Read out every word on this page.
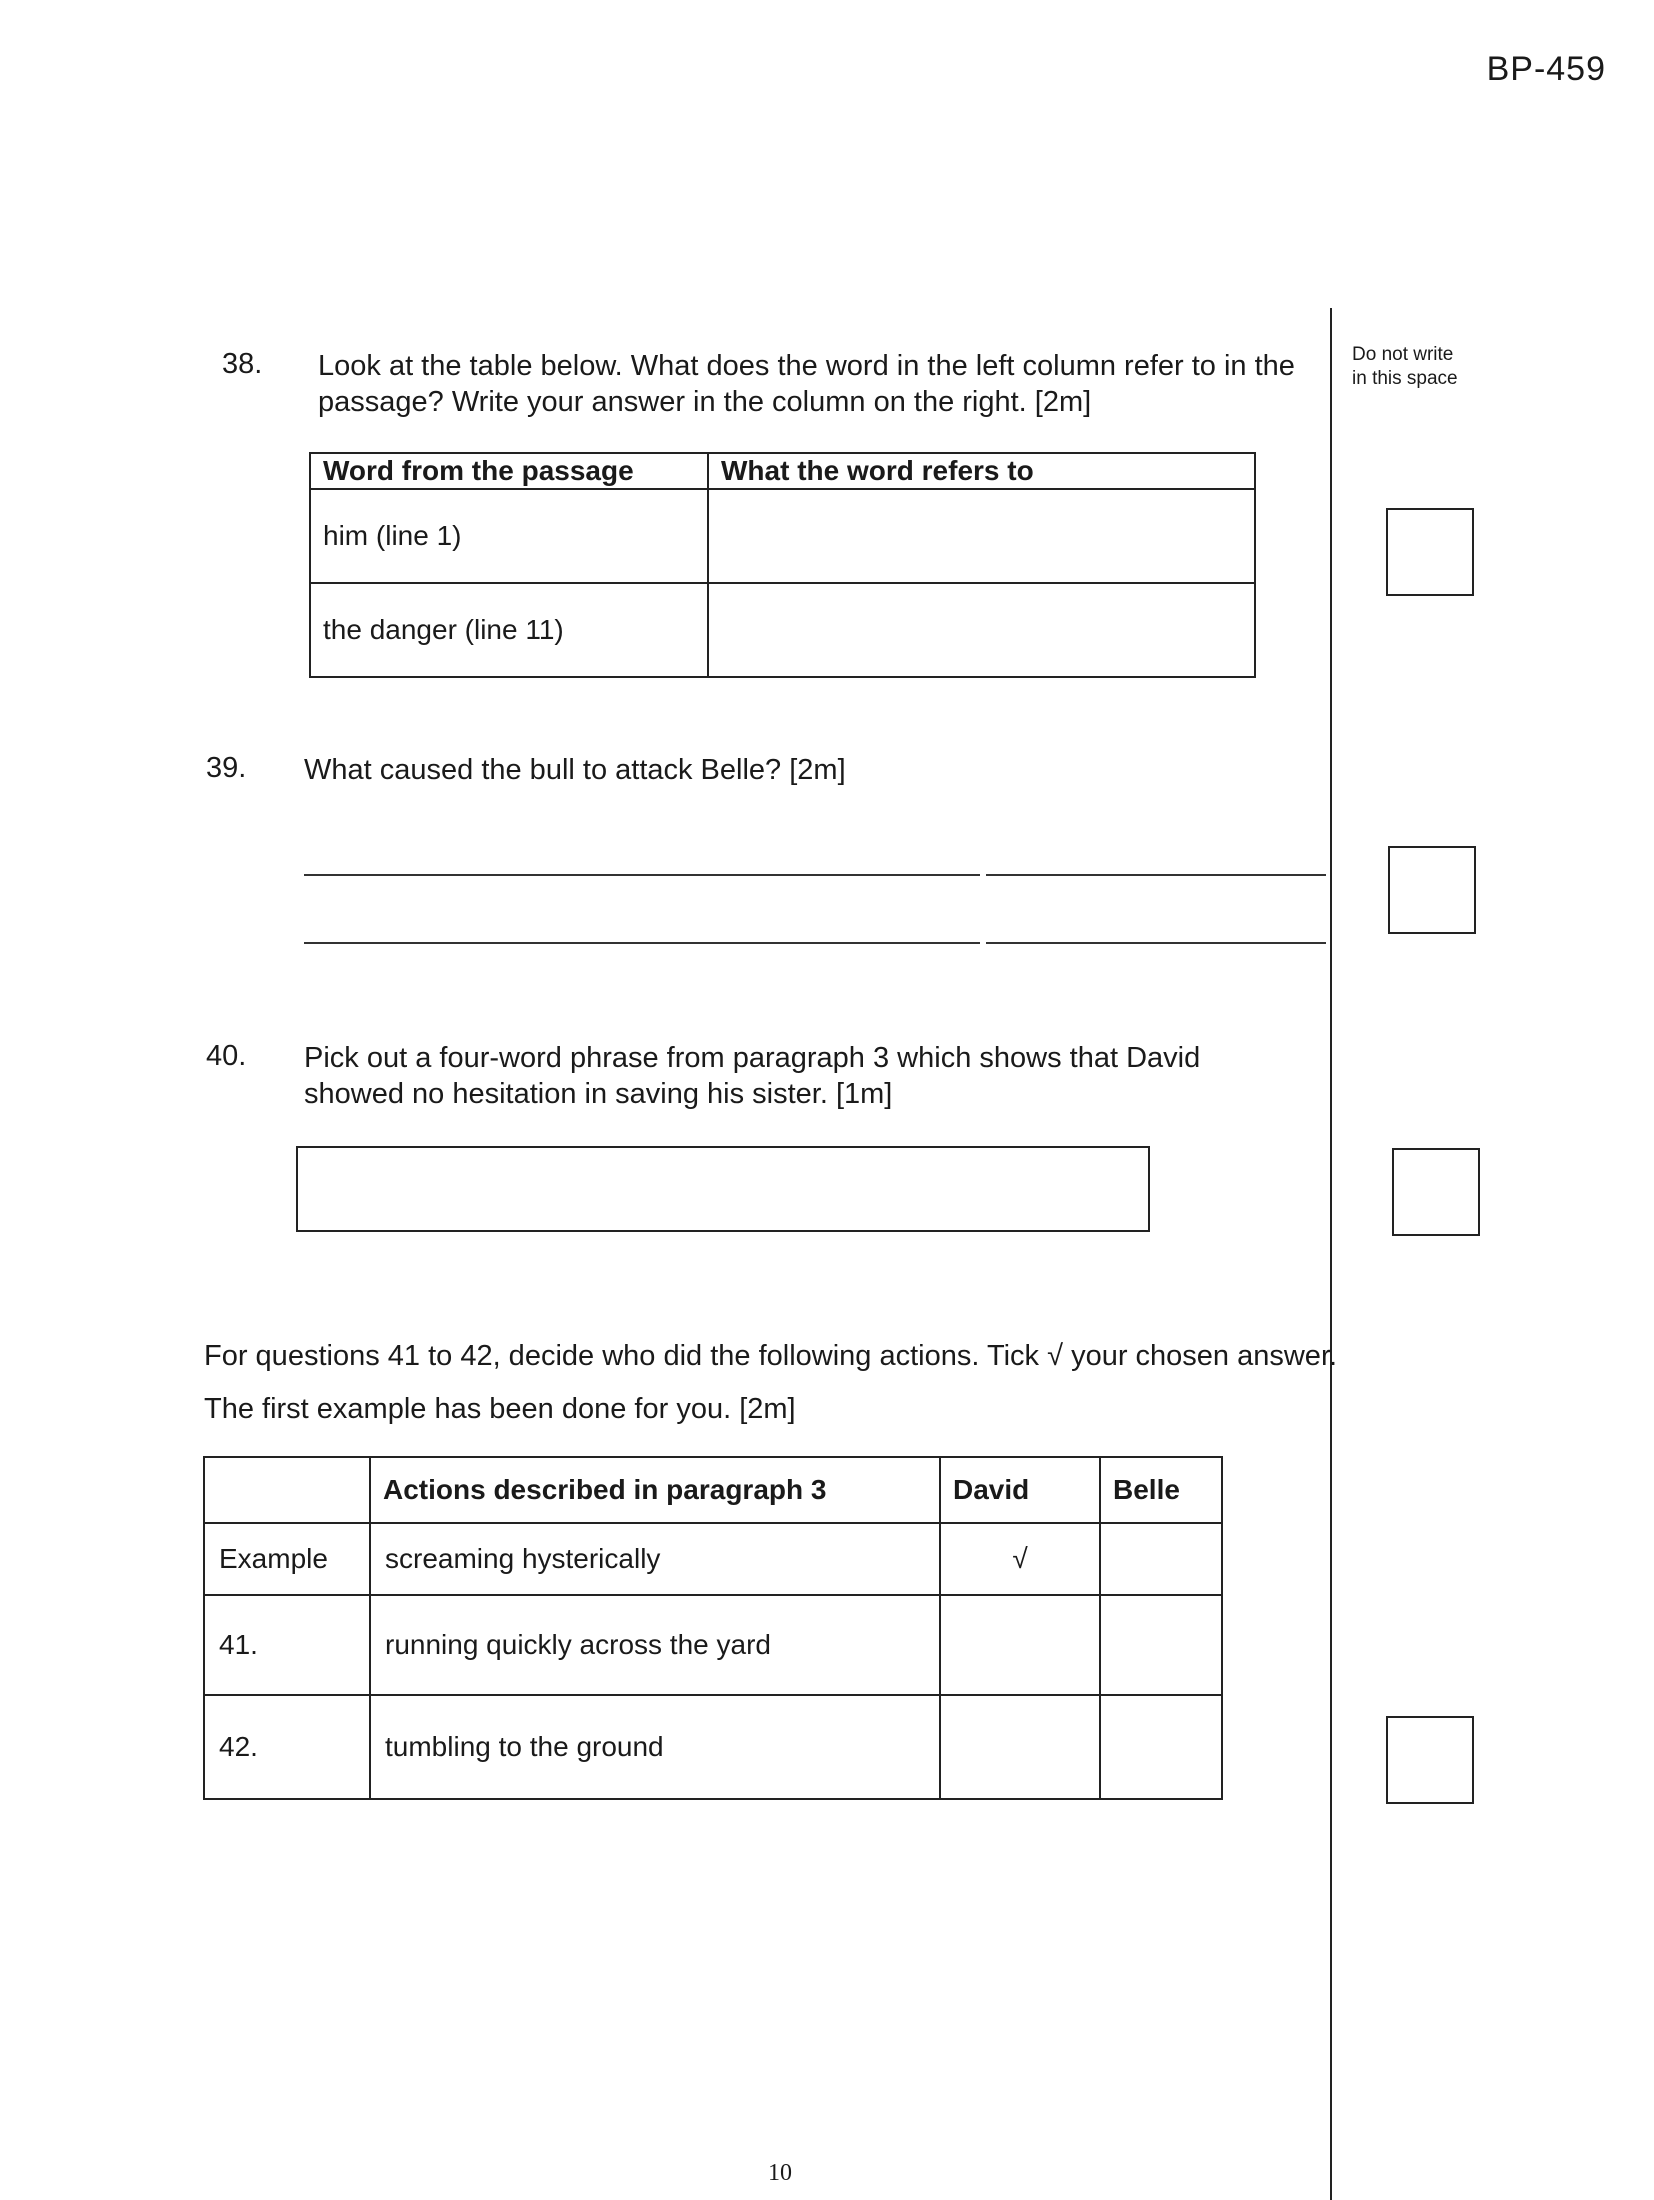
BP-459
Do not write in this space
38. Look at the table below. What does the word in the left column refer to in the passage? Write your answer in the column on the right. [2m]
Word from the passage	What the word refers to
him (line 1)	
the danger (line 11)	
39. What caused the bull to attack Belle? [2m]
40. Pick out a four-word phrase from paragraph 3 which shows that David showed no hesitation in saving his sister. [1m]
For questions 41 to 42, decide who did the following actions. Tick √ your chosen answer. The first example has been done for you. [2m]
	Actions described in paragraph 3	David	Belle
Example	screaming hysterically	√	
41.	running quickly across the yard		
42.	tumbling to the ground		
10
